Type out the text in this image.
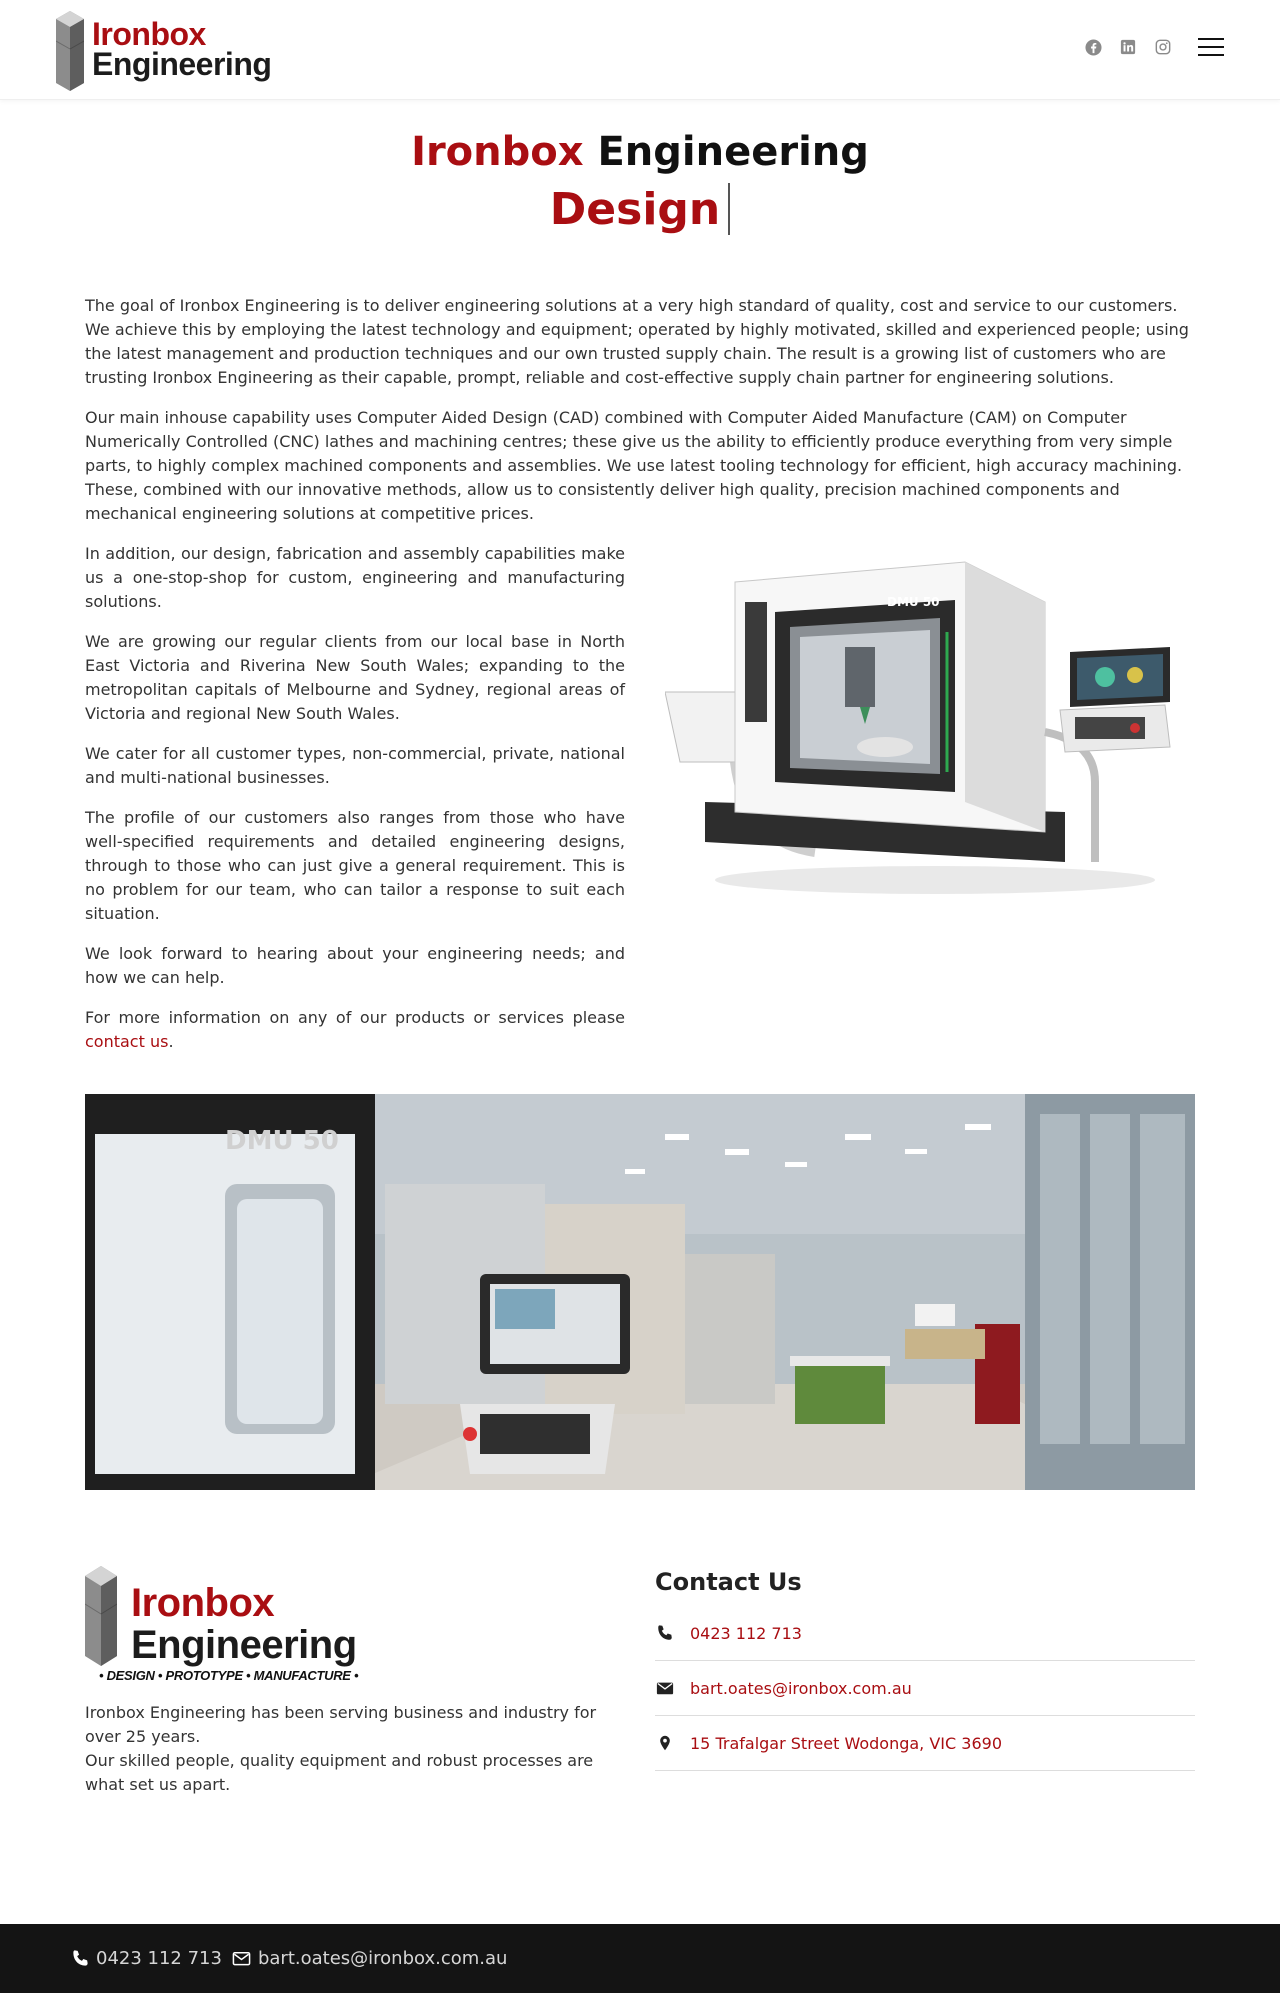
Ironbox
Engineering
Ironbox Engineering
Design

The goal of Ironbox Engineering is to deliver engineering solutions at a very high standard of quality, cost and service to our customers. We achieve this by employing the latest technology and equipment; operated by highly motivated, skilled and experienced people; using the latest management and production techniques and our own trusted supply chain. The result is a growing list of customers who are trusting Ironbox Engineering as their capable, prompt, reliable and cost-effective supply chain partner for engineering solutions.

Our main inhouse capability uses Computer Aided Design (CAD) combined with Computer Aided Manufacture (CAM) on Computer Numerically Controlled (CNC) lathes and machining centres; these give us the ability to efficiently produce everything from very simple parts, to highly complex machined components and assemblies. We use latest tooling technology for efficient, high accuracy machining. These, combined with our innovative methods, allow us to consistently deliver high quality, precision machined components and mechanical engineering solutions at competitive prices.

In addition, our design, fabrication and assembly capabilities make us a one-stop-shop for custom, engineering and manufacturing solutions.

We are growing our regular clients from our local base in North East Victoria and Riverina New South Wales; expanding to the metropolitan capitals of Melbourne and Sydney, regional areas of Victoria and regional New South Wales.

We cater for all customer types, non-commercial, private, national and multi-national businesses.

The profile of our customers also ranges from those who have well-specified requirements and detailed engineering designs, through to those who can just give a general requirement. This is no problem for our team, who can tailor a response to suit each situation.

We look forward to hearing about your engineering needs; and how we can help.

For more information on any of our products or services please contact us.

DMU 50
DMU 50
Ironbox
Engineering
• DESIGN • PROTOTYPE • MANUFACTURE •
Ironbox Engineering has been serving business and industry for over 25 years.
Our skilled people, quality equipment and robust processes are what set us apart.
Contact Us
0423 112 713
bart.oates@ironbox.com.au
15 Trafalgar Street Wodonga, VIC 3690
0423 112 713 bart.oates@ironbox.com.au
